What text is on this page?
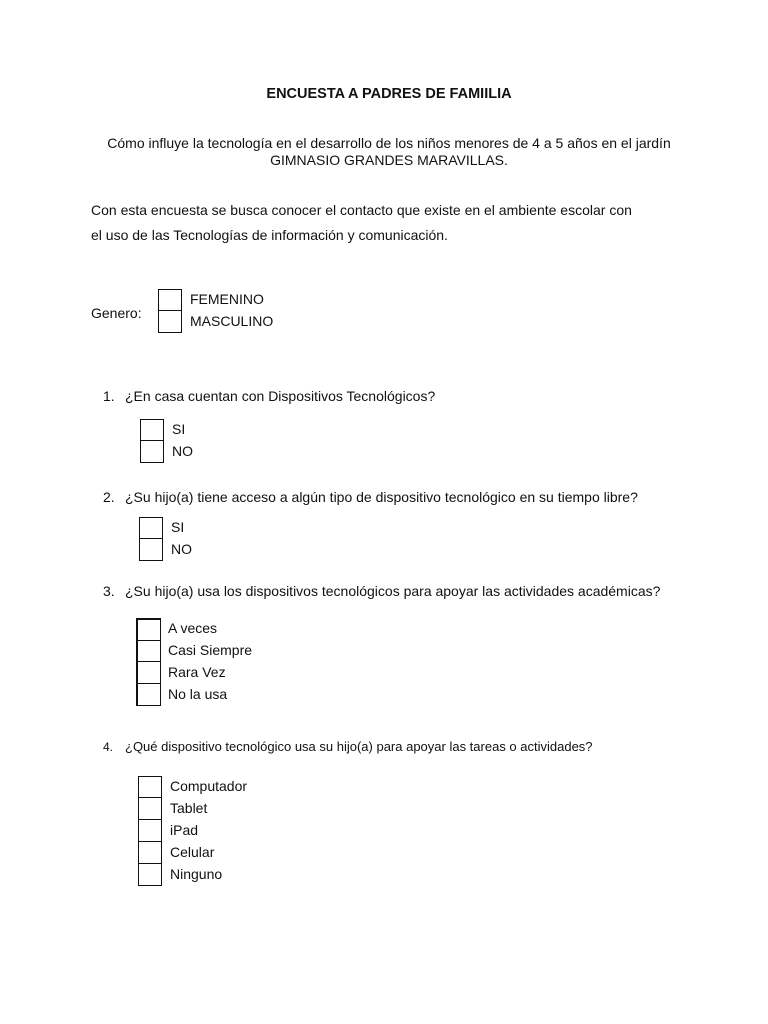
ENCUESTA A PADRES DE FAMIILIA
Cómo influye la tecnología en el desarrollo de los niños menores de 4 a 5 años en el jardín
GIMNASIO GRANDES MARAVILLAS.
Con esta encuesta se busca conocer el contacto que existe en el ambiente escolar con
el uso de las Tecnologías de información y comunicación.
Genero:
FEMENINO
MASCULINO
1. ¿En casa cuentan con Dispositivos Tecnológicos?
SI
NO
2. ¿Su hijo(a) tiene acceso a algún tipo de dispositivo tecnológico en su tiempo libre?
SI
NO
3. ¿Su hijo(a) usa los dispositivos tecnológicos para apoyar las actividades académicas?
A veces
Casi Siempre
Rara Vez
No la usa
4. ¿Qué dispositivo tecnológico usa su hijo(a) para apoyar las tareas o actividades?
Computador
Tablet
iPad
Celular
Ninguno
